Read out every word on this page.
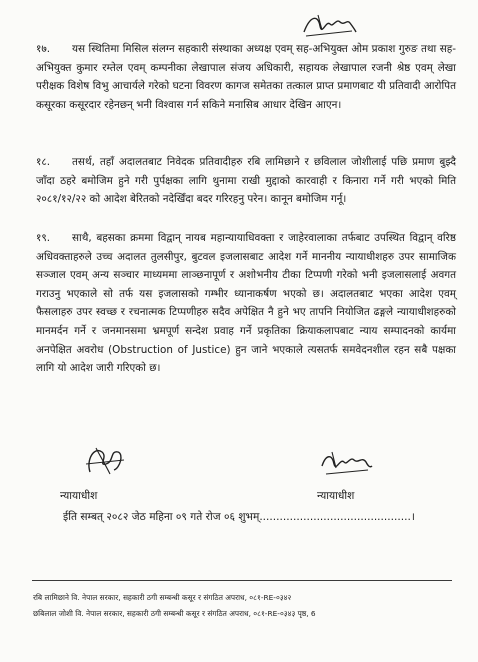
१७.	यस स्थितिमा मिसिल संलग्न सहकारी संस्थाका अध्यक्ष एवम् सह-अभियुक्त ओम प्रकाश गुरुङ तथा सह-अभियुक्त कुमार रम्तेल एवम् कम्पनीका लेखापाल संजय अधिकारी, सहायक लेखापाल रजनी श्रेष्ठ एवम् लेखा परीक्षक विशेष विभु आचार्यले गरेको घटना विवरण कागज समेतका तत्काल प्राप्त प्रमाणबाट यी प्रतिवादी आरोपित कसूरका कसूरदार रहेनछन् भनी विश्वास गर्न सकिने मनासिब आधार देखिन आएन।
१८.	तसर्थ, तहाँ अदालतबाट निवेदक प्रतिवादीहरु रबि लामिछाने र छविलाल जोशीलाई पछि प्रमाण बुझ्दै जाँदा ठहरे बमोजिम हुने गरी पुर्पक्षका लागि थुनामा राखी मुद्दाको कारवाही र किनारा गर्ने गरी भएको मिति २०८१/१२/२२ को आदेश बेरितको नदेखिँदा बदर गरिरहनु परेन। कानून बमोजिम गर्नू।
१९.	साथै, बहसका क्रममा विद्वान् नायब महान्यायाधिवक्ता र जाहेरवालाका तर्फबाट उपस्थित विद्वान् वरिष्ठ अधिवक्ताहरुले उच्च अदालत तुलसीपुर, बुटवल इजलासबाट आदेश गर्ने माननीय न्यायाधीशहरु उपर सामाजिक सञ्जाल एवम् अन्य सञ्चार माध्यममा लाञ्छनापूर्ण र अशोभनीय टीका टिप्पणी गरेको भनी इजलासलाई अवगत गराउनु भएकाले सो तर्फ यस इजलासको गम्भीर ध्यानाकर्षण भएको छ। अदालतबाट भएका आदेश एवम् फैसलाहरु उपर स्वच्छ र रचनात्मक टिप्पणीहरु सदैव अपेक्षित नै हुने भए तापनि नियोजित ढङ्गले न्यायाधीशहरुको मानमर्दन गर्ने र जनमानसमा भ्रमपूर्ण सन्देश प्रवाह गर्ने प्रकृतिका क्रियाकलापबाट न्याय सम्पादनको कार्यमा अनपेक्षित अवरोध (Obstruction of Justice) हुन जाने भएकाले त्यसतर्फ समवेदनशील रहन सबै पक्षका लागि यो आदेश जारी गरिएको छ।
न्यायाधीश	न्यायाधीश
ईति सम्बत् २०८२ जेठ महिना ०९ गते रोज ०६ शुभम्.............................................।
रबि लामिछाने वि. नेपाल सरकार, सहकारी ठगी सम्बन्धी कसूर र संगठित अपराध, ०८१-RE-०३४२
छबिलाल जोशी वि. नेपाल सरकार, सहकारी ठगी सम्बन्धी कसूर र संगठित अपराध, ०८१-RE-०३४३ पृष्ठ, 6
